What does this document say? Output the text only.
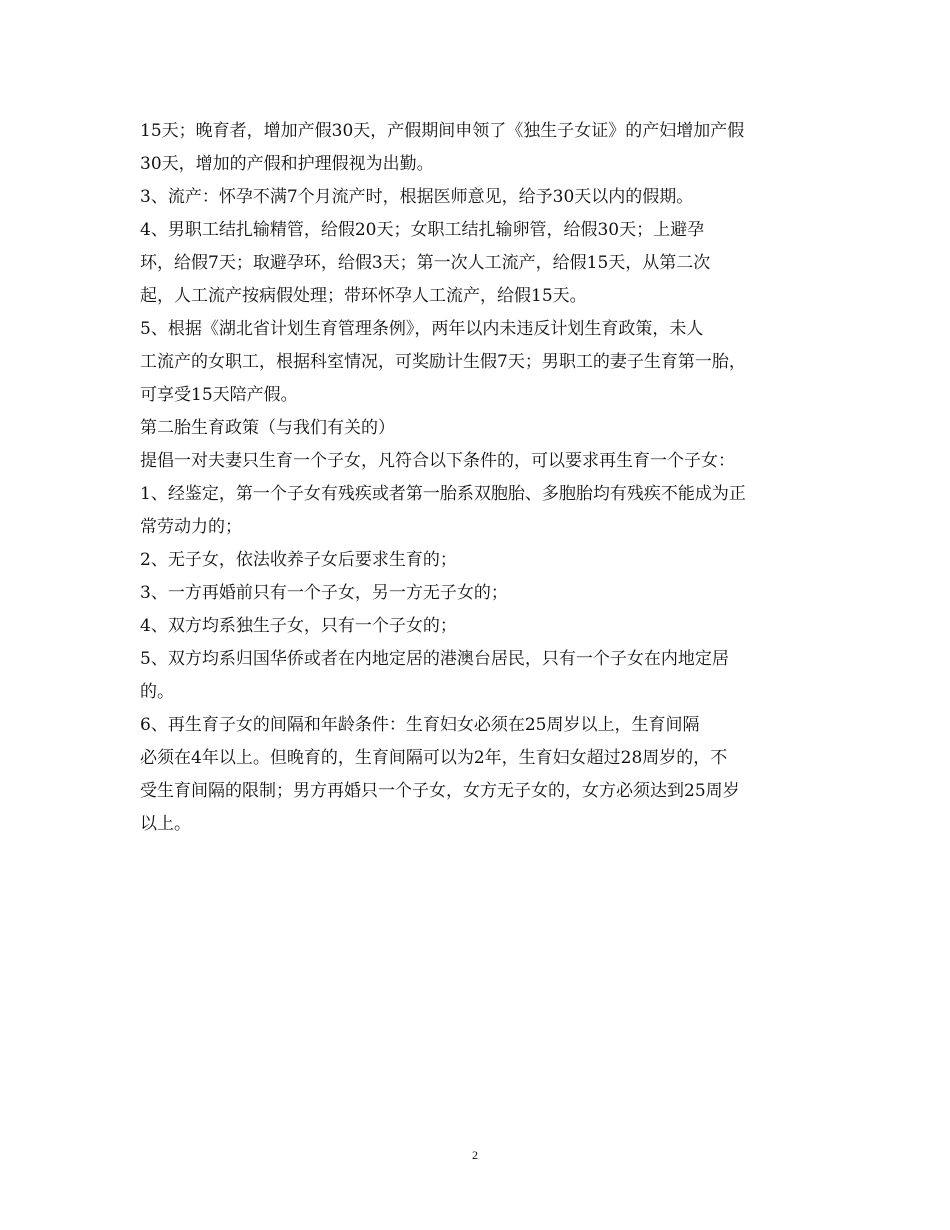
15天；晚育者，增加产假30天，产假期间申领了《独生子女证》的产妇增加产假
30天，增加的产假和护理假视为出勤。
3、流产：怀孕不满7个月流产时，根据医师意见，给予30天以内的假期。
4、男职工结扎输精管，给假20天；女职工结扎输卵管，给假30天；上避孕
环，给假7天；取避孕环，给假3天；第一次人工流产，给假15天，从第二次
起，人工流产按病假处理；带环怀孕人工流产，给假15天。
5、根据《湖北省计划生育管理条例》，两年以内未违反计划生育政策，未人
工流产的女职工，根据科室情况，可奖励计生假7天；男职工的妻子生育第一胎，
可享受15天陪产假。
第二胎生育政策（与我们有关的）
提倡一对夫妻只生育一个子女，凡符合以下条件的，可以要求再生育一个子女：
1、经鉴定，第一个子女有残疾或者第一胎系双胞胎、多胞胎均有残疾不能成为正
常劳动力的；
2、无子女，依法收养子女后要求生育的；
3、一方再婚前只有一个子女，另一方无子女的；
4、双方均系独生子女，只有一个子女的；
5、双方均系归国华侨或者在内地定居的港澳台居民，只有一个子女在内地定居
的。
6、再生育子女的间隔和年龄条件：生育妇女必须在25周岁以上，生育间隔
必须在4年以上。但晚育的，生育间隔可以为2年，生育妇女超过28周岁的，不
受生育间隔的限制；男方再婚只一个子女，女方无子女的，女方必须达到25周岁
以上。
2
